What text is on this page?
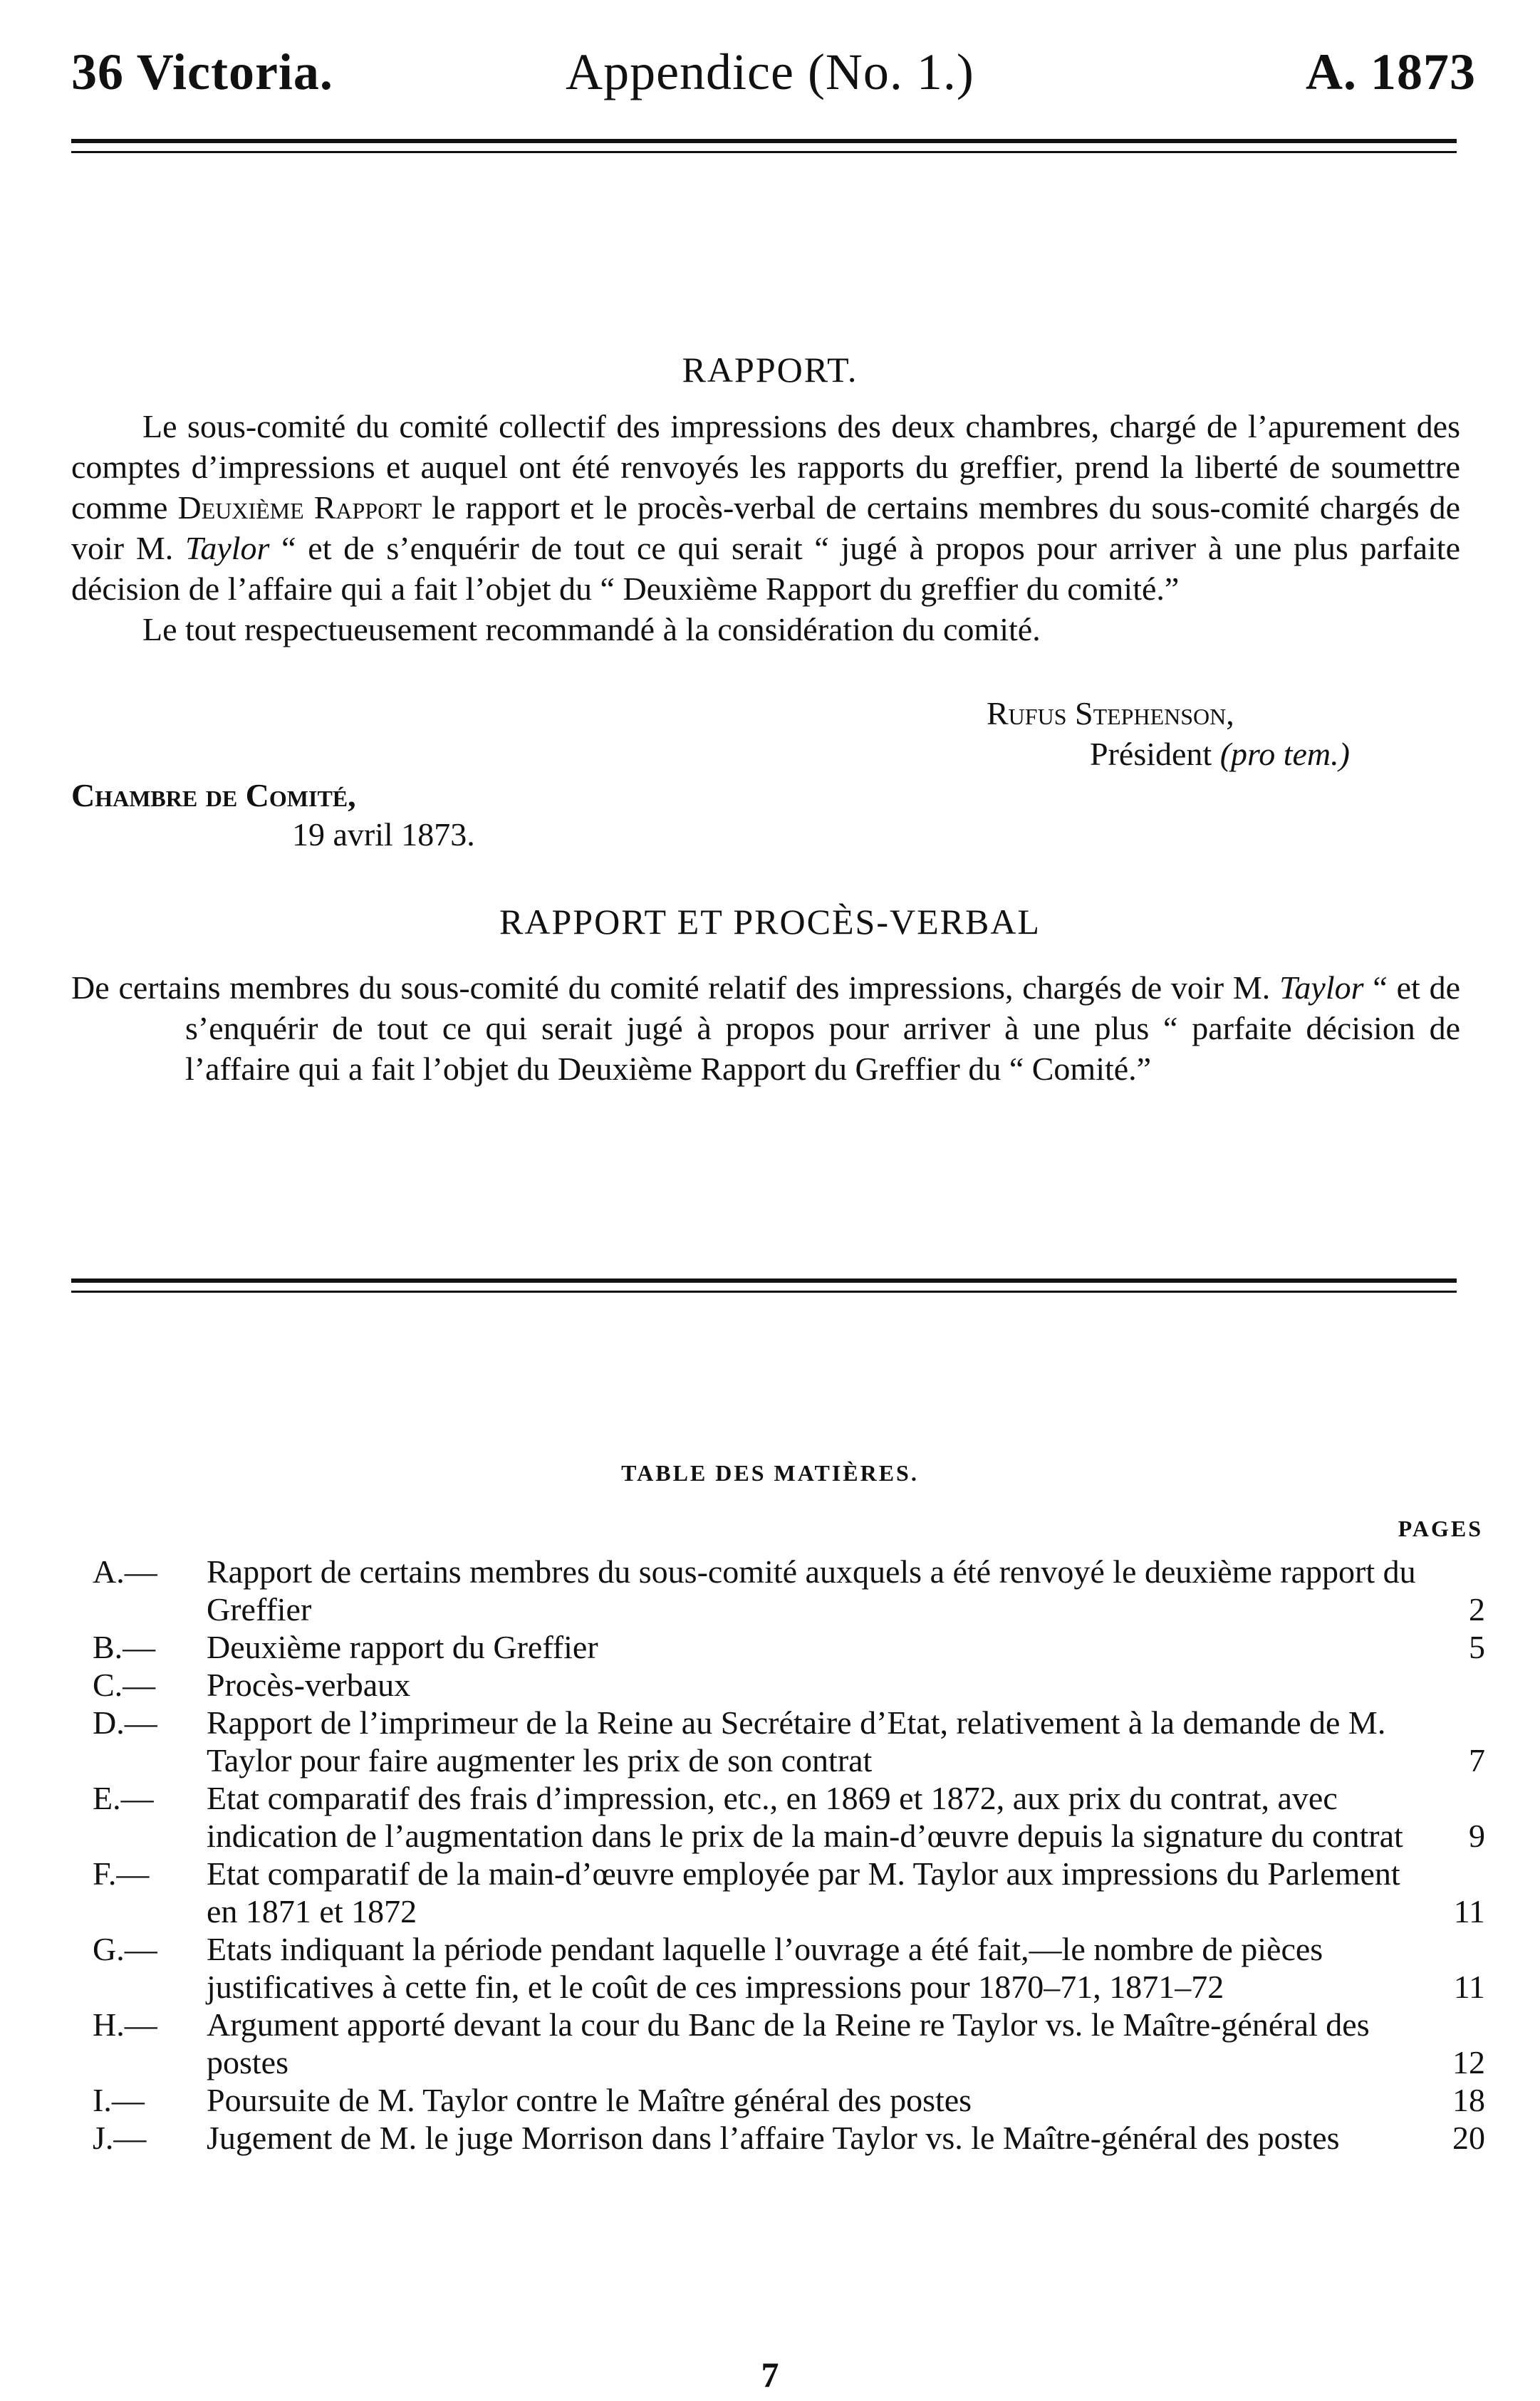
36 Victoria.	Appendice (No. 1.)	A. 1873
RAPPORT.

Le sous-comité du comité collectif des impressions des deux chambres, chargé de l’apurement des comptes d’impressions et auquel ont été renvoyés les rapports du greffier, prend la liberté de soumettre comme Deuxième Rapport le rapport et le procès-verbal de certains membres du sous-comité chargés de voir M. Taylor “ et de s’enquérir de tout ce qui serait “ jugé à propos pour arriver à une plus parfaite décision de l’affaire qui a fait l’objet du “ Deuxième Rapport du greffier du comité.”

Le tout respectueusement recommandé à la considération du comité.

Rufus Stephenson,
Président (pro tem.)
Chambre de Comité,
19 avril 1873.
RAPPORT ET PROCÈS-VERBAL

De certains membres du sous-comité du comité relatif des impressions, chargés de voir M. Taylor “ et de s’enquérir de tout ce qui serait jugé à propos pour arriver à une plus “ parfaite décision de l’affaire qui a fait l’objet du Deuxième Rapport du Greffier du “ Comité.”

TABLE DES MATIÈRES.
PAGES
A.—	Rapport de certains membres du sous-comité auxquels a été renvoyé le deuxième rapport du Greffier	2
B.—	Deuxième rapport du Greffier	5
C.—	Procès-verbaux
D.—	Rapport de l’imprimeur de la Reine au Secrétaire d’Etat, relativement à la demande de M. Taylor pour faire augmenter les prix de son contrat	7
E.—	Etat comparatif des frais d’impression, etc., en 1869 et 1872, aux prix du contrat, avec indication de l’augmentation dans le prix de la main-d’œuvre depuis la signature du contrat	9
F.—	Etat comparatif de la main-d’œuvre employée par M. Taylor aux impressions du Parlement en 1871 et 1872	11
G.—	Etats indiquant la période pendant laquelle l’ouvrage a été fait,—le nombre de pièces justificatives à cette fin, et le coût de ces impressions pour 1870–71, 1871–72	11
H.—	Argument apporté devant la cour du Banc de la Reine re Taylor vs. le Maître-général des postes	12
I.—	Poursuite de M. Taylor contre le Maître général des postes	18
J.—	Jugement de M. le juge Morrison dans l’affaire Taylor vs. le Maître-général des postes	20
7
